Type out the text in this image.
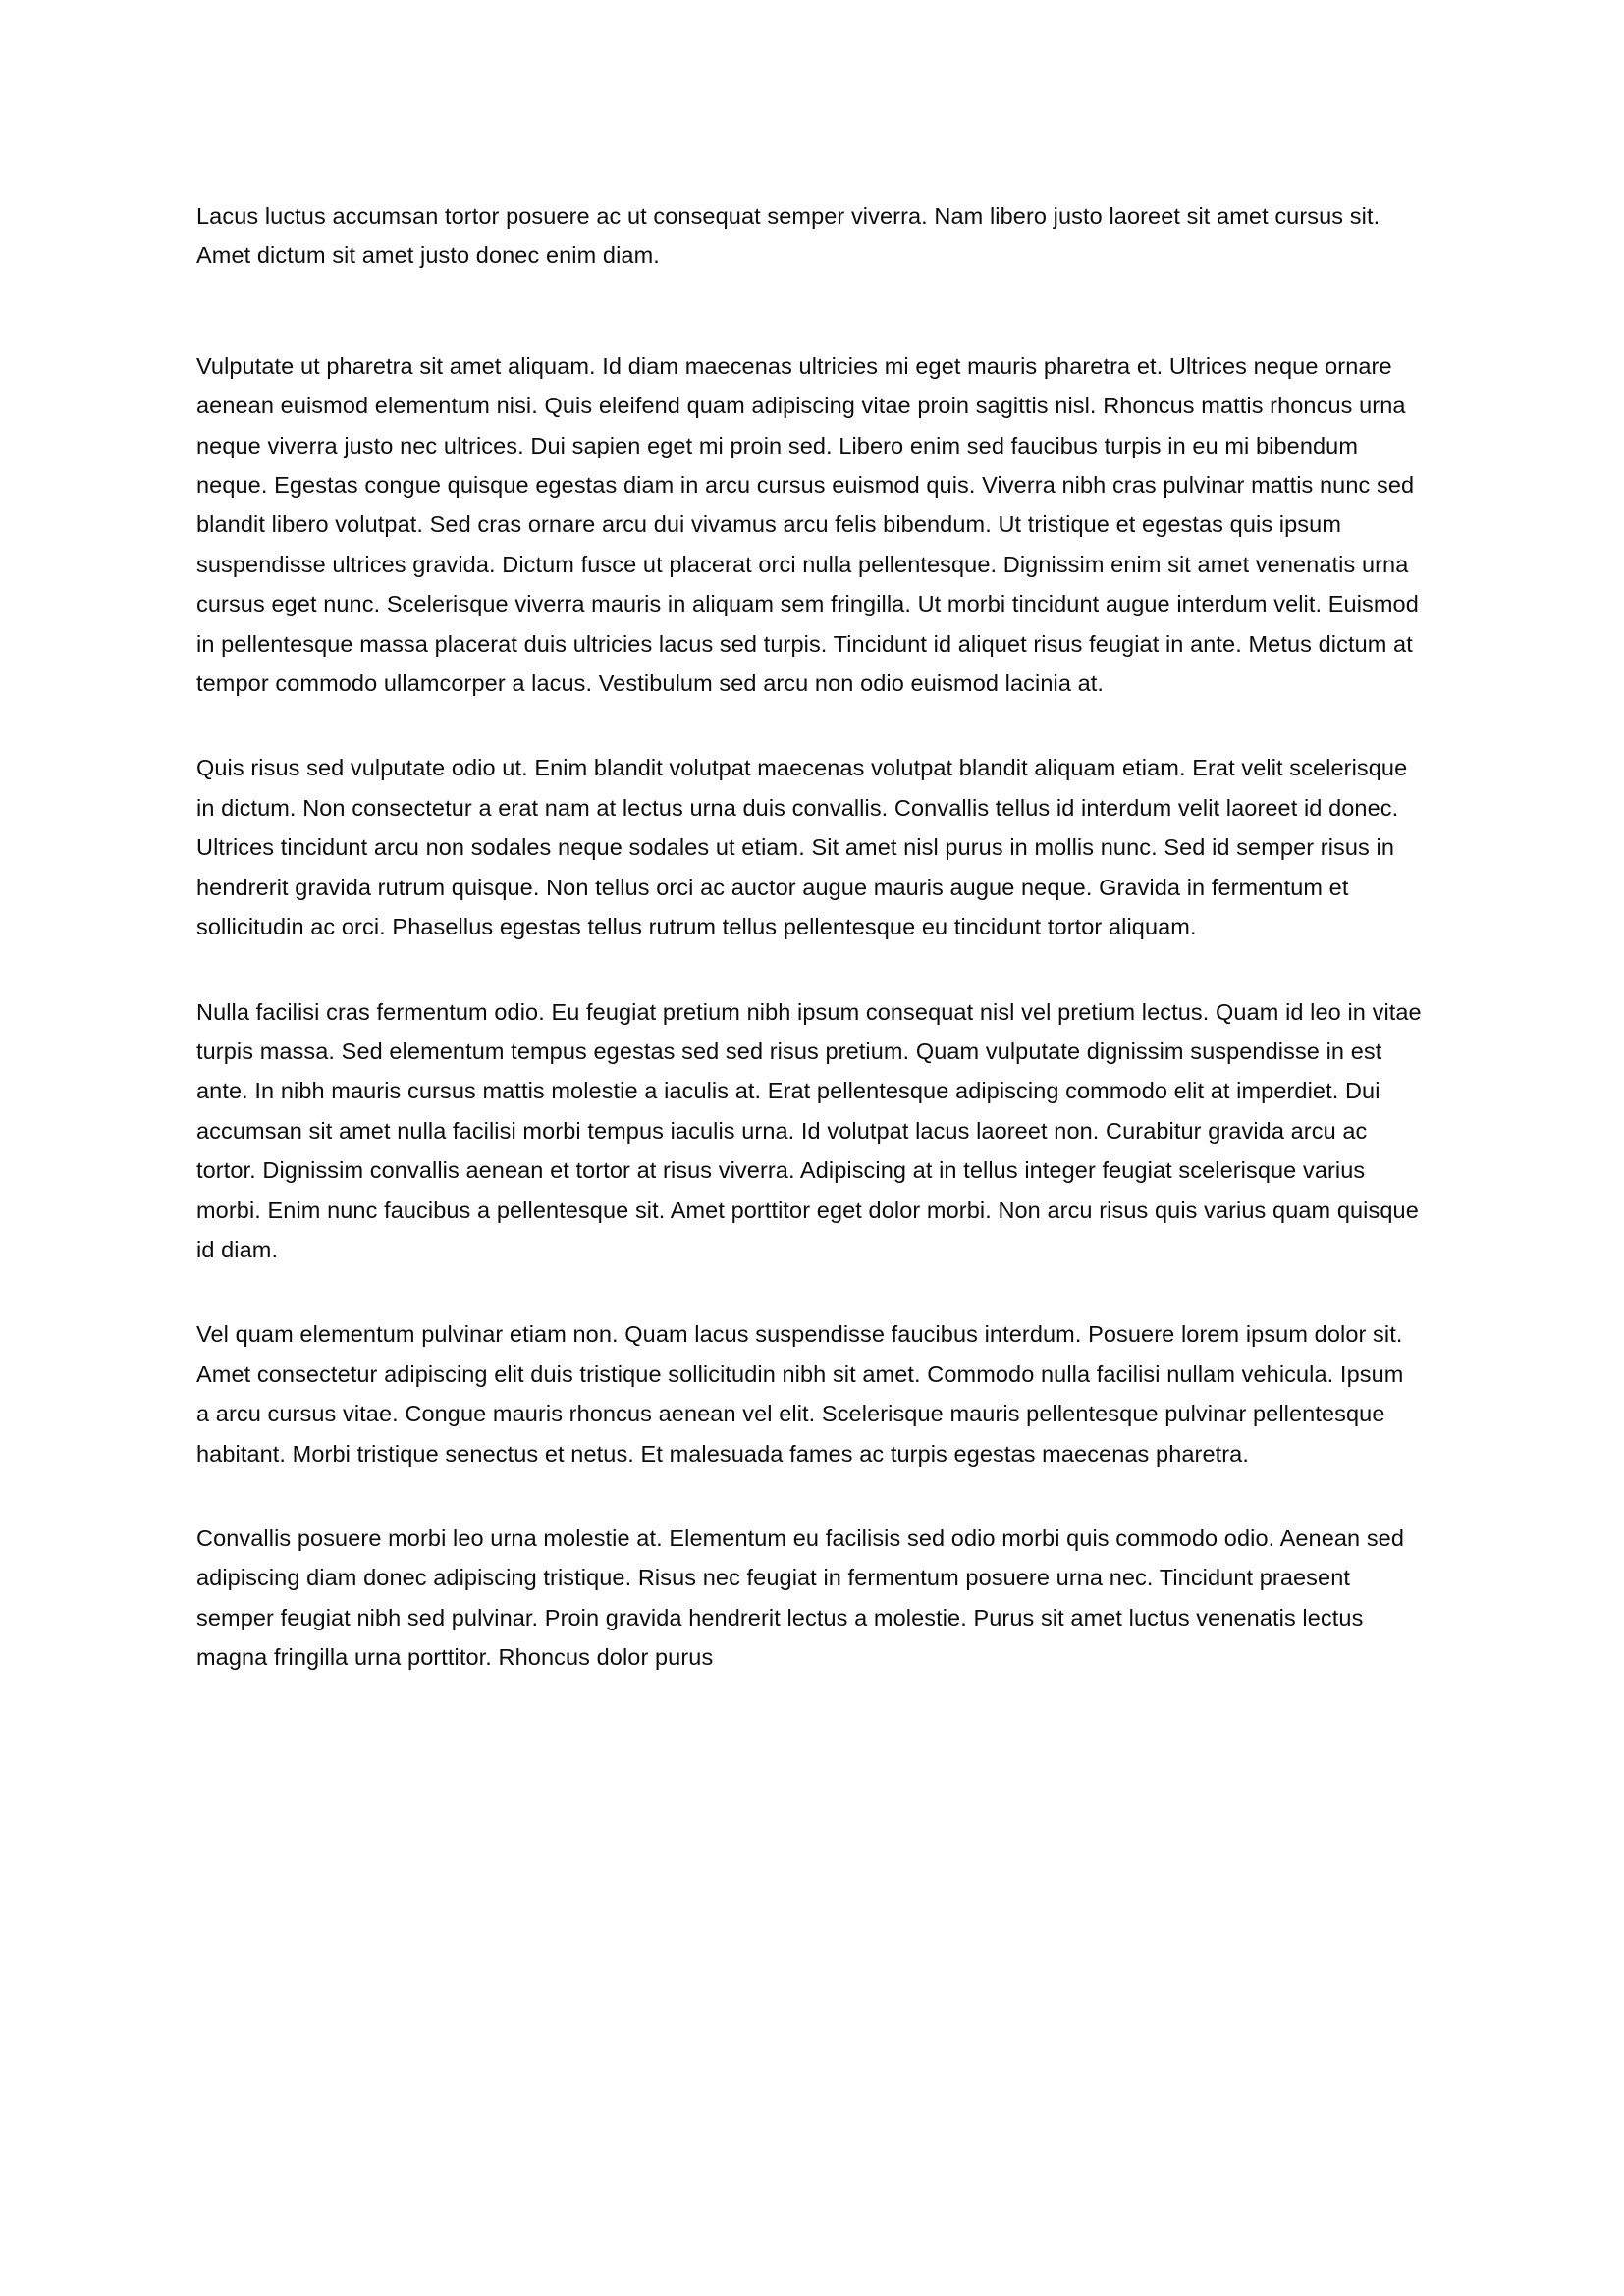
Lacus luctus accumsan tortor posuere ac ut consequat semper viverra. Nam libero justo laoreet sit amet cursus sit. Amet dictum sit amet justo donec enim diam.

Vulputate ut pharetra sit amet aliquam. Id diam maecenas ultricies mi eget mauris pharetra et. Ultrices neque ornare aenean euismod elementum nisi. Quis eleifend quam adipiscing vitae proin sagittis nisl. Rhoncus mattis rhoncus urna neque viverra justo nec ultrices. Dui sapien eget mi proin sed. Libero enim sed faucibus turpis in eu mi bibendum neque. Egestas congue quisque egestas diam in arcu cursus euismod quis. Viverra nibh cras pulvinar mattis nunc sed blandit libero volutpat. Sed cras ornare arcu dui vivamus arcu felis bibendum. Ut tristique et egestas quis ipsum suspendisse ultrices gravida. Dictum fusce ut placerat orci nulla pellentesque. Dignissim enim sit amet venenatis urna cursus eget nunc. Scelerisque viverra mauris in aliquam sem fringilla. Ut morbi tincidunt augue interdum velit. Euismod in pellentesque massa placerat duis ultricies lacus sed turpis. Tincidunt id aliquet risus feugiat in ante. Metus dictum at tempor commodo ullamcorper a lacus. Vestibulum sed arcu non odio euismod lacinia at.

Quis risus sed vulputate odio ut. Enim blandit volutpat maecenas volutpat blandit aliquam etiam. Erat velit scelerisque in dictum. Non consectetur a erat nam at lectus urna duis convallis. Convallis tellus id interdum velit laoreet id donec. Ultrices tincidunt arcu non sodales neque sodales ut etiam. Sit amet nisl purus in mollis nunc. Sed id semper risus in hendrerit gravida rutrum quisque. Non tellus orci ac auctor augue mauris augue neque. Gravida in fermentum et sollicitudin ac orci. Phasellus egestas tellus rutrum tellus pellentesque eu tincidunt tortor aliquam.

Nulla facilisi cras fermentum odio. Eu feugiat pretium nibh ipsum consequat nisl vel pretium lectus. Quam id leo in vitae turpis massa. Sed elementum tempus egestas sed sed risus pretium. Quam vulputate dignissim suspendisse in est ante. In nibh mauris cursus mattis molestie a iaculis at. Erat pellentesque adipiscing commodo elit at imperdiet. Dui accumsan sit amet nulla facilisi morbi tempus iaculis urna. Id volutpat lacus laoreet non. Curabitur gravida arcu ac tortor. Dignissim convallis aenean et tortor at risus viverra. Adipiscing at in tellus integer feugiat scelerisque varius morbi. Enim nunc faucibus a pellentesque sit. Amet porttitor eget dolor morbi. Non arcu risus quis varius quam quisque id diam.

Vel quam elementum pulvinar etiam non. Quam lacus suspendisse faucibus interdum. Posuere lorem ipsum dolor sit. Amet consectetur adipiscing elit duis tristique sollicitudin nibh sit amet. Commodo nulla facilisi nullam vehicula. Ipsum a arcu cursus vitae. Congue mauris rhoncus aenean vel elit. Scelerisque mauris pellentesque pulvinar pellentesque habitant. Morbi tristique senectus et netus. Et malesuada fames ac turpis egestas maecenas pharetra.

Convallis posuere morbi leo urna molestie at. Elementum eu facilisis sed odio morbi quis commodo odio. Aenean sed adipiscing diam donec adipiscing tristique. Risus nec feugiat in fermentum posuere urna nec. Tincidunt praesent semper feugiat nibh sed pulvinar. Proin gravida hendrerit lectus a molestie. Purus sit amet luctus venenatis lectus magna fringilla urna porttitor. Rhoncus dolor purus
